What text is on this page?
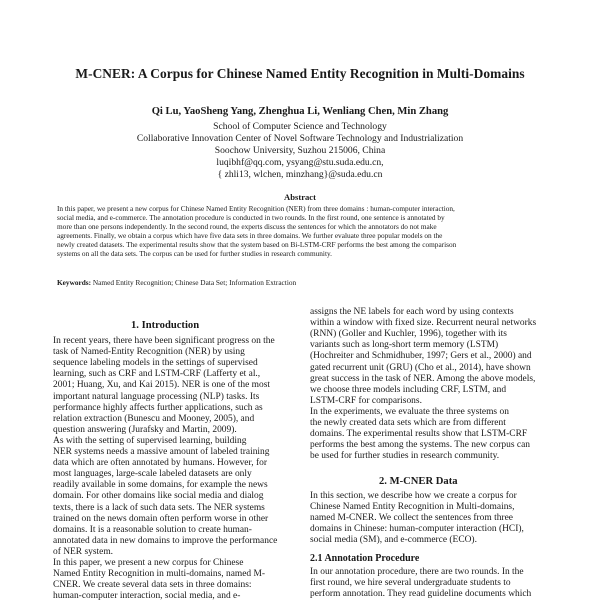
M-CNER: A Corpus for Chinese Named Entity Recognition in Multi-Domains
Qi Lu, YaoSheng Yang, Zhenghua Li, Wenliang Chen, Min Zhang
School of Computer Science and Technology
Collaborative Innovation Center of Novel Software Technology and Industrialization
Soochow University, Suzhou 215006, China
luqibhf@qq.com, ysyang@stu.suda.edu.cn,
{ zhli13, wlchen, minzhang}@suda.edu.cn
Abstract
In this paper, we present a new corpus for Chinese Named Entity Recognition (NER) from three domains : human-computer interaction,
social media, and e-commerce. The annotation procedure is conducted in two rounds. In the first round, one sentence is annotated by
more than one persons independently. In the second round, the experts discuss the sentences for which the annotators do not make
agreements. Finally, we obtain a corpus which have five data sets in three domains. We further evaluate three popular models on the
newly created datasets. The experimental results show that the system based on Bi-LSTM-CRF performs the best among the comparison
systems on all the data sets. The corpus can be used for further studies in research community.
Keywords: Named Entity Recognition; Chinese Data Set; Information Extraction
1. Introduction
In recent years, there have been significant progress on the
task of Named-Entity Recognition (NER) by using
sequence labeling models in the settings of supervised
learning, such as CRF and LSTM-CRF (Lafferty et al.,
2001; Huang, Xu, and Kai 2015). NER is one of the most
important natural language processing (NLP) tasks. Its
performance highly affects further applications, such as
relation extraction (Bunescu and Mooney, 2005), and
question answering (Jurafsky and Martin, 2009).
As with the setting of supervised learning, building
NER systems needs a massive amount of labeled training
data which are often annotated by humans. However, for
most languages, large-scale labeled datasets are only
readily available in some domains, for example the news
domain. For other domains like social media and dialog
texts, there is a lack of such data sets. The NER systems
trained on the news domain often perform worse in other
domains. It is a reasonable solution to create human-
annotated data in new domains to improve the performance
of NER system.
In this paper, we present a new corpus for Chinese
Named Entity Recognition in multi-domains, named M-
CNER. We create several data sets in three domains:
human-computer interaction, social media, and e-
assigns the NE labels for each word by using contexts
within a window with fixed size. Recurrent neural networks
(RNN) (Goller and Kuchler, 1996), together with its
variants such as long-short term memory (LSTM)
(Hochreiter and Schmidhuber, 1997; Gers et al., 2000) and
gated recurrent unit (GRU) (Cho et al., 2014), have shown
great success in the task of NER. Among the above models,
we choose three models including CRF, LSTM, and
LSTM-CRF for comparisons.
In the experiments, we evaluate the three systems on
the newly created data sets which are from different
domains. The experimental results show that LSTM-CRF
performs the best among the systems. The new corpus can
be used for further studies in research community.
2. M-CNER Data
In this section, we describe how we create a corpus for
Chinese Named Entity Recognition in Multi-domains,
named M-CNER. We collect the sentences from three
domains in Chinese: human-computer interaction (HCI),
social media (SM), and e-commerce (ECO).
2.1 Annotation Procedure
In our annotation procedure, there are two rounds. In the
first round, we hire several undergraduate students to
perform annotation. They read guideline documents which
